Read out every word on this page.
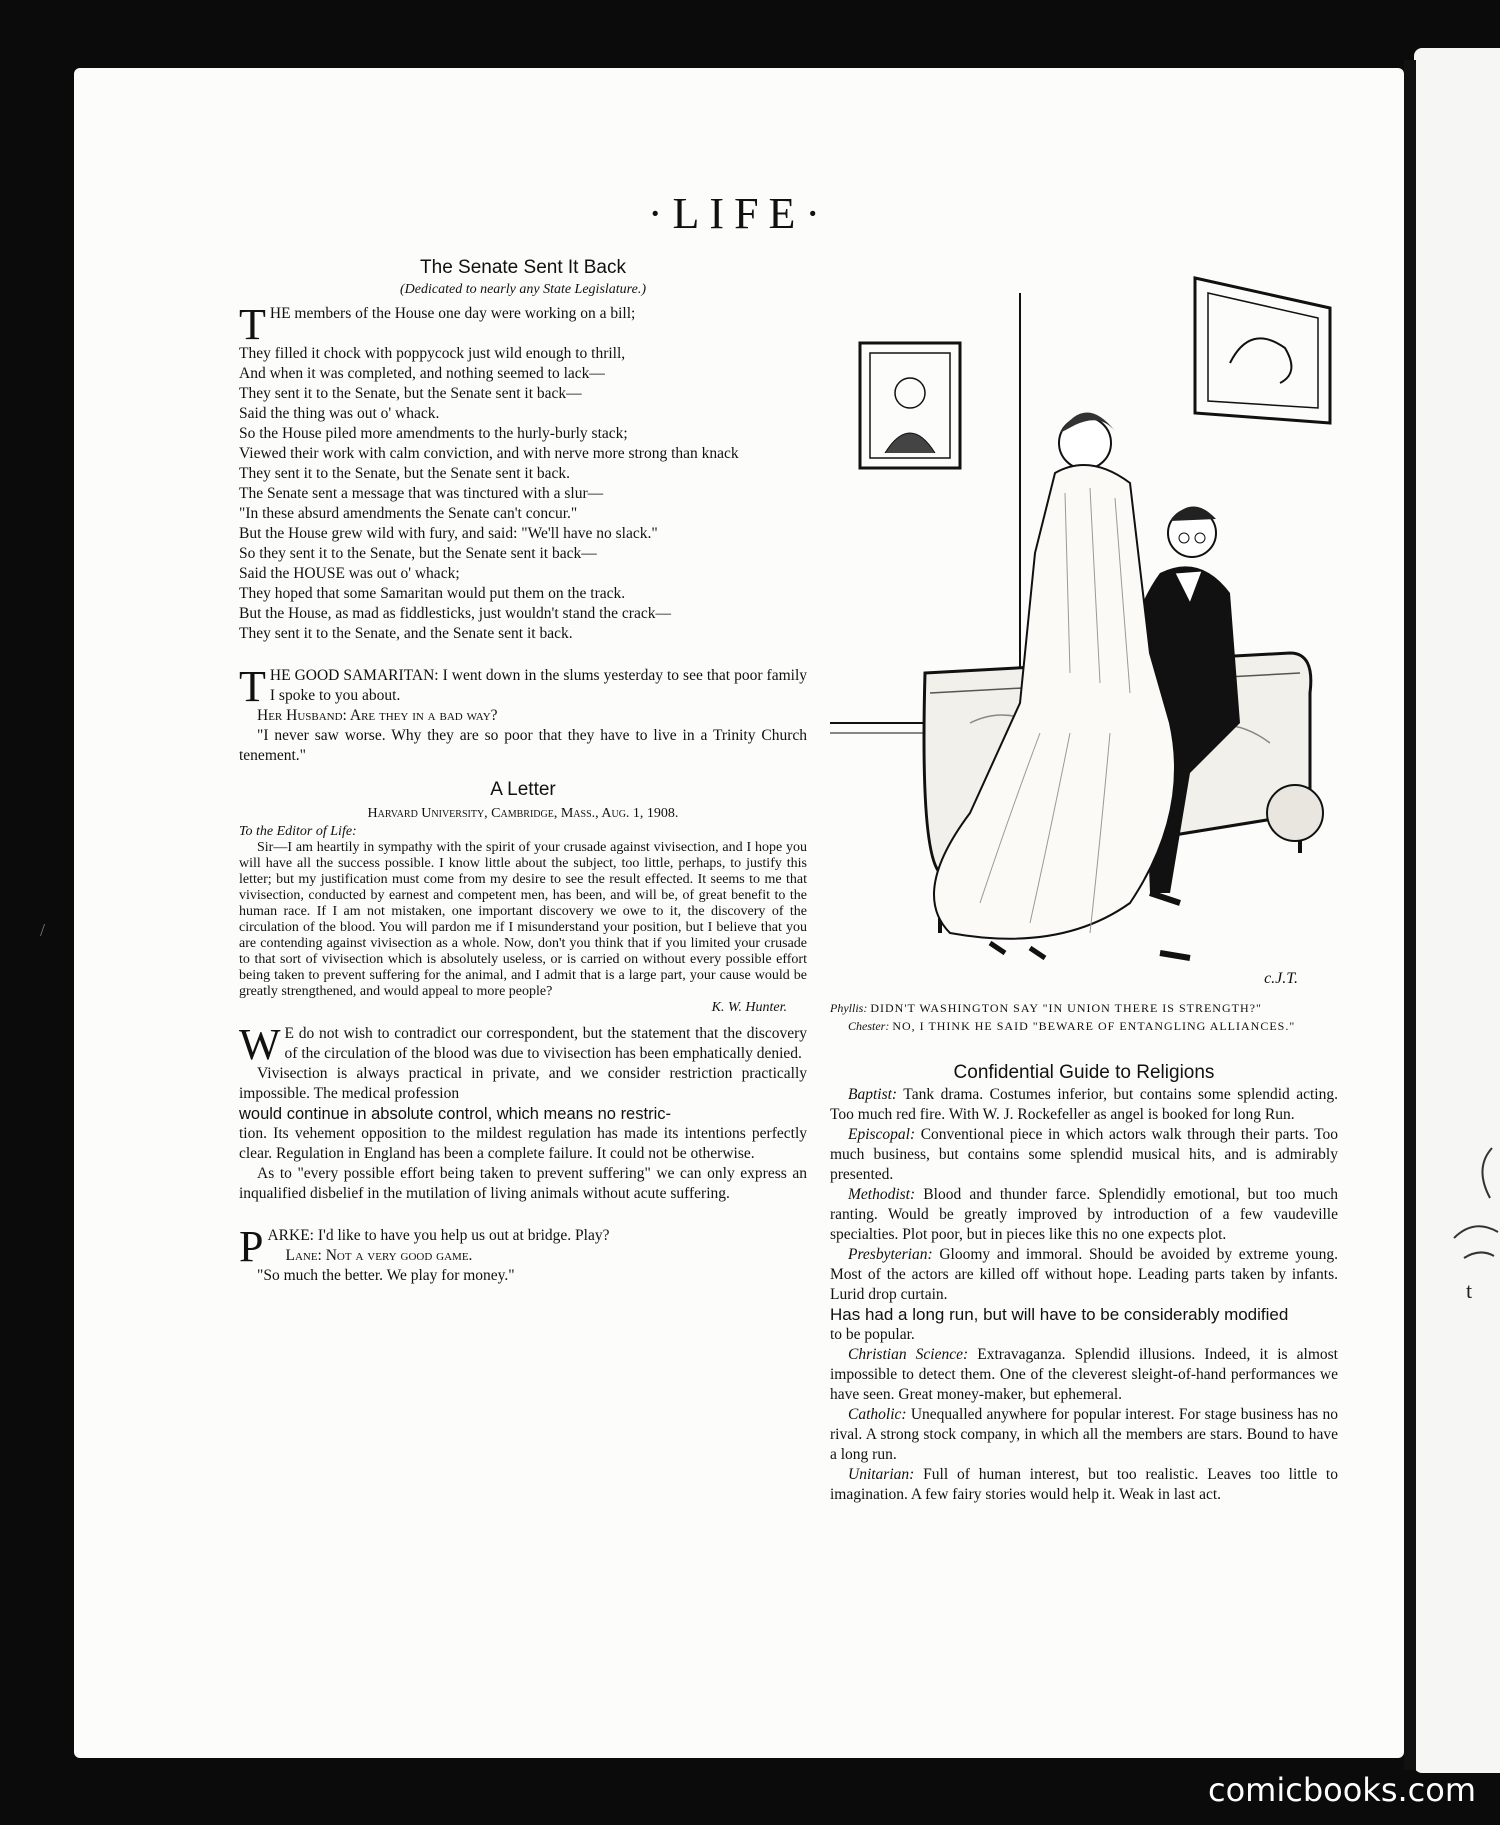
t
/
·LIFE·
The Senate Sent It Back
(Dedicated to nearly any State Legislature.)

THE members of the House one day were working on a bill;

They filled it chock with poppycock just wild enough to thrill,

And when it was completed, and nothing seemed to lack—

They sent it to the Senate, but the Senate sent it back—

Said the thing was out o' whack.

So the House piled more amendments to the hurly-burly stack;

Viewed their work with calm conviction, and with nerve more strong than knack

They sent it to the Senate, but the Senate sent it back.

The Senate sent a message that was tinctured with a slur—

"In these absurd amendments the Senate can't concur."

But the House grew wild with fury, and said: "We'll have no slack."

So they sent it to the Senate, but the Senate sent it back—

Said the HOUSE was out o' whack;

They hoped that some Samaritan would put them on the track.

But the House, as mad as fiddlesticks, just wouldn't stand the crack—

They sent it to the Senate, and the Senate sent it back.

THE GOOD SAMARITAN: I went down in the slums yesterday to see that poor family I spoke to you about.

Her Husband: Are they in a bad way?

"I never saw worse. Why they are so poor that they have to live in a Trinity Church tenement."

A Letter
Harvard University, Cambridge, Mass., Aug. 1, 1908.

To the Editor of Life:

Sir—I am heartily in sympathy with the spirit of your crusade against vivisection, and I hope you will have all the success possible. I know little about the subject, too little, perhaps, to justify this letter; but my justification must come from my desire to see the result effected. It seems to me that vivisection, conducted by earnest and competent men, has been, and will be, of great benefit to the human race. If I am not mistaken, one important discovery we owe to it, the discovery of the circulation of the blood. You will pardon me if I misunderstand your position, but I believe that you are contending against vivisection as a whole. Now, don't you think that if you limited your crusade to that sort of vivisection which is absolutely useless, or is carried on without every possible effort being taken to prevent suffering for the animal, and I admit that is a large part, your cause would be greatly strengthened, and would appeal to more people?

K. W. Hunter.

W E do not wish to contradict our correspondent, but the statement that the discovery of the circulation of the blood was due to vivisection has been emphatically denied.

Vivisection is always practical in private, and we consider restriction practically impossible. The medical profession

would continue in absolute control, which means no restric-

tion. Its vehement opposition to the mildest regulation has made its intentions perfectly clear. Regulation in England has been a complete failure. It could not be otherwise.

As to "every possible effort being taken to prevent suffering" we can only express an inqualified disbelief in the mutilation of living animals without acute suffering.

PARKE: I'd like to have you help us out at bridge. Play?

Lane: Not a very good game.

"So much the better. We play for money."

c.J.T.

Phyllis: DIDN'T WASHINGTON SAY "IN UNION THERE IS STRENGTH?"

Chester: NO, I THINK HE SAID "BEWARE OF ENTANGLING ALLIANCES."

Confidential Guide to Religions

Baptist: Tank drama. Costumes inferior, but contains some splendid acting. Too much red fire. With W. J. Rockefeller as angel is booked for long Run.

Episcopal: Conventional piece in which actors walk through their parts. Too much business, but contains some splendid musical hits, and is admirably presented.

Methodist: Blood and thunder farce. Splendidly emotional, but too much ranting. Would be greatly improved by introduction of a few vaudeville specialties. Plot poor, but in pieces like this no one expects plot.

Presbyterian: Gloomy and immoral. Should be avoided by extreme young. Most of the actors are killed off without hope. Leading parts taken by infants. Lurid drop curtain.

Has had a long run, but will have to be considerably modified

to be popular.

Christian Science: Extravaganza. Splendid illusions. Indeed, it is almost impossible to detect them. One of the cleverest sleight-of-hand performances we have seen. Great money-maker, but ephemeral.

Catholic: Unequalled anywhere for popular interest. For stage business has no rival. A strong stock company, in which all the members are stars. Bound to have a long run.

Unitarian: Full of human interest, but too realistic. Leaves too little to imagination. A few fairy stories would help it. Weak in last act.

comicbooks.com
